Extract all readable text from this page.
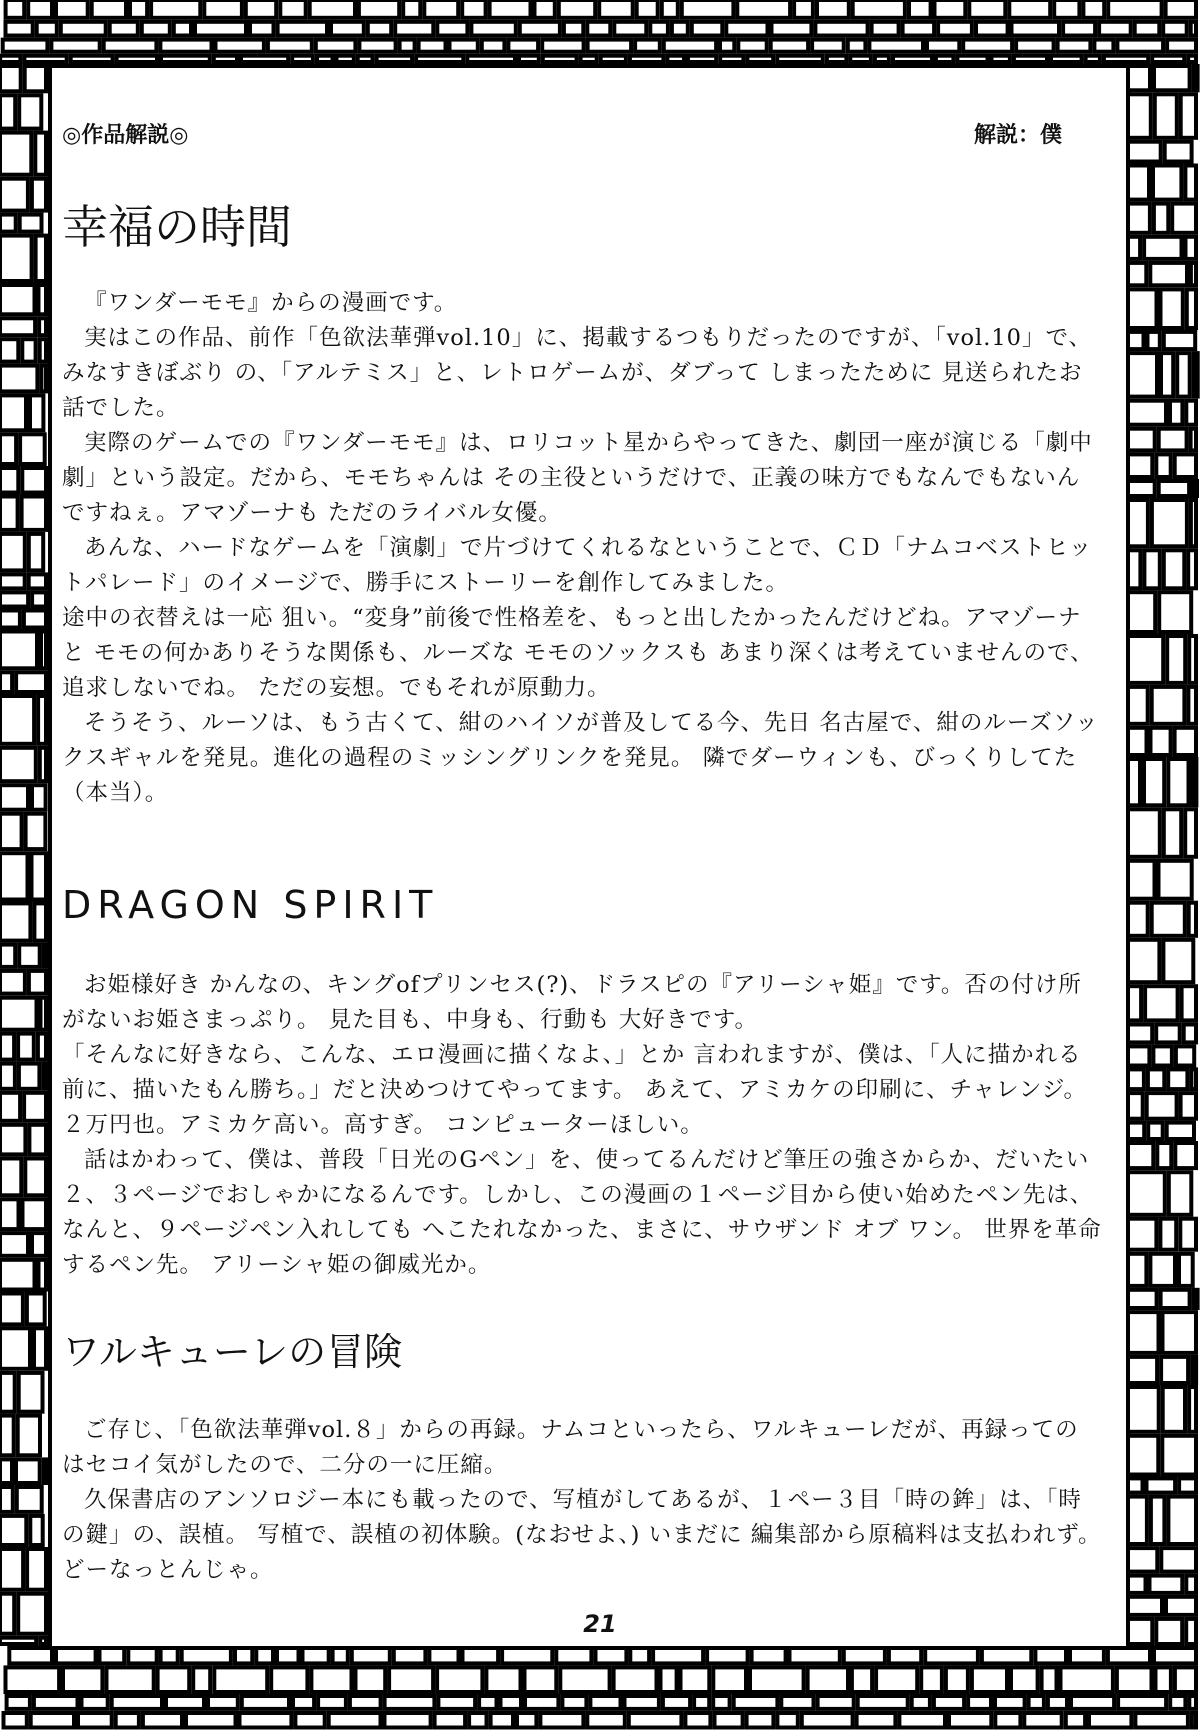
◎作品解説◎	解説：僕
幸福の時間

『ワンダーモモ』からの漫画です。

実はこの作品、前作「色欲法華弾vol.10」に、掲載するつもりだったのですが、「vol.10」で、みなすきぼぶり の、「アルテミス」と、レトロゲームが、ダブって しまったために 見送られたお話でした。

実際のゲームでの『ワンダーモモ』は、ロリコット星からやってきた、劇団一座が演じる「劇中劇」という設定。だから、モモちゃんは その主役というだけで、正義の味方でもなんでもないんですねぇ。アマゾーナも ただのライバル女優。

あんな、ハードなゲームを「演劇」で片づけてくれるなということで、ＣＤ「ナムコベストヒットパレード」のイメージで、勝手にストーリーを創作してみました。

途中の衣替えは一応 狙い。“変身”前後で性格差を、もっと出したかったんだけどね。アマゾーナと モモの何かありそうな関係も、ルーズな モモのソックスも あまり深くは考えていませんので、追求しないでね。 ただの妄想。でもそれが原動力。

そうそう、ルーソは、もう古くて、紺のハイソが普及してる今、先日 名古屋で、紺のルーズソックスギャルを発見。進化の過程のミッシングリンクを発見。 隣でダーウィンも、びっくりしてた（本当）。

DRAGON SPIRIT

お姫様好き かんなの、キングofプリンセス(?)、ドラスピの『アリーシャ姫』です。否の付け所がないお姫さまっぷり。 見た目も、中身も、行動も 大好きです。

「そんなに好きなら、こんな、エロ漫画に描くなよ、」とか 言われますが、僕は、「人に描かれる前に、描いたもん勝ち。」だと決めつけてやってます。 あえて、アミカケの印刷に、チャレンジ。２万円也。アミカケ高い。高すぎ。 コンピューターほしい。

話はかわって、僕は、普段「日光のGペン」を、使ってるんだけど筆圧の強さからか、だいたい ２、３ページでおしゃかになるんです。しかし、この漫画の１ページ目から使い始めたペン先は、なんと、９ページペン入れしても へこたれなかった、まさに、サウザンド オブ ワン。 世界を革命するペン先。 アリーシャ姫の御威光か。

ワルキューレの冒険

ご存じ、「色欲法華弾vol.８」からの再録。ナムコといったら、ワルキューレだが、再録ってのはセコイ気がしたので、二分の一に圧縮。

久保書店のアンソロジー本にも載ったので、写植がしてあるが、１ペー３目「時の鉾」は、「時の鍵」の、誤植。 写植で、誤植の初体験。(なおせよ、) いまだに 編集部から原稿料は支払われず。 どーなっとんじゃ。

21
